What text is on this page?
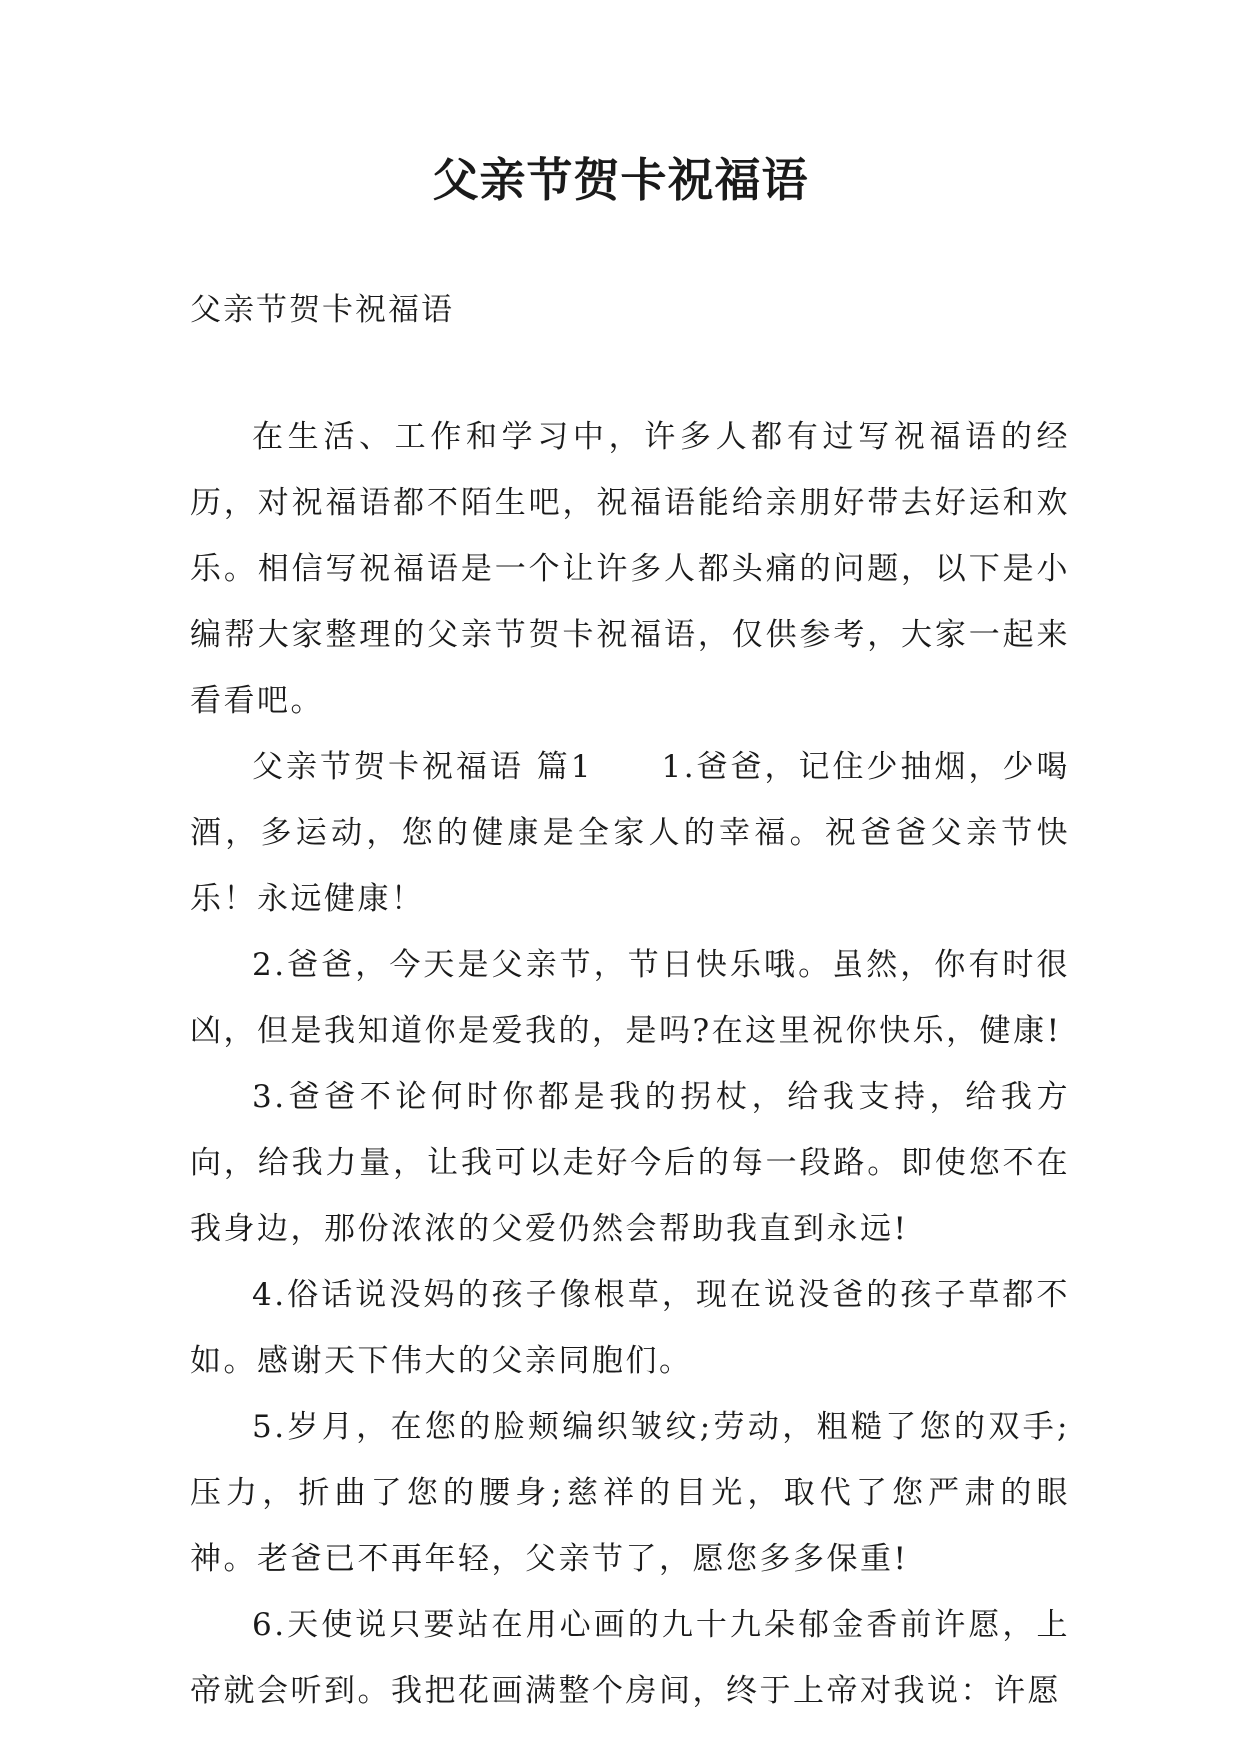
父亲节贺卡祝福语
父亲节贺卡祝福语

在生活、工作和学习中，许多人都有过写祝福语的经历，对祝福语都不陌生吧，祝福语能给亲朋好带去好运和欢乐。相信写祝福语是一个让许多人都头痛的问题，以下是小编帮大家整理的父亲节贺卡祝福语，仅供参考，大家一起来看看吧。

父亲节贺卡祝福语 篇1　　1.爸爸，记住少抽烟，少喝酒，多运动，您的健康是全家人的幸福。祝爸爸父亲节快乐！永远健康！

2.爸爸，今天是父亲节，节日快乐哦。虽然，你有时很凶，但是我知道你是爱我的，是吗?在这里祝你快乐，健康!

3.爸爸不论何时你都是我的拐杖，给我支持，给我方向，给我力量，让我可以走好今后的每一段路。即使您不在我身边，那份浓浓的父爱仍然会帮助我直到永远!

4.俗话说没妈的孩子像根草，现在说没爸的孩子草都不如。感谢天下伟大的父亲同胞们。

5.岁月，在您的脸颊编织皱纹;劳动，粗糙了您的双手;压力，折曲了您的腰身;慈祥的目光，取代了您严肃的眼神。老爸已不再年轻，父亲节了，愿您多多保重!

6.天使说只要站在用心画的九十九朵郁金香前许愿，上帝就会听到。我把花画满整个房间，终于上帝对我说：许愿
